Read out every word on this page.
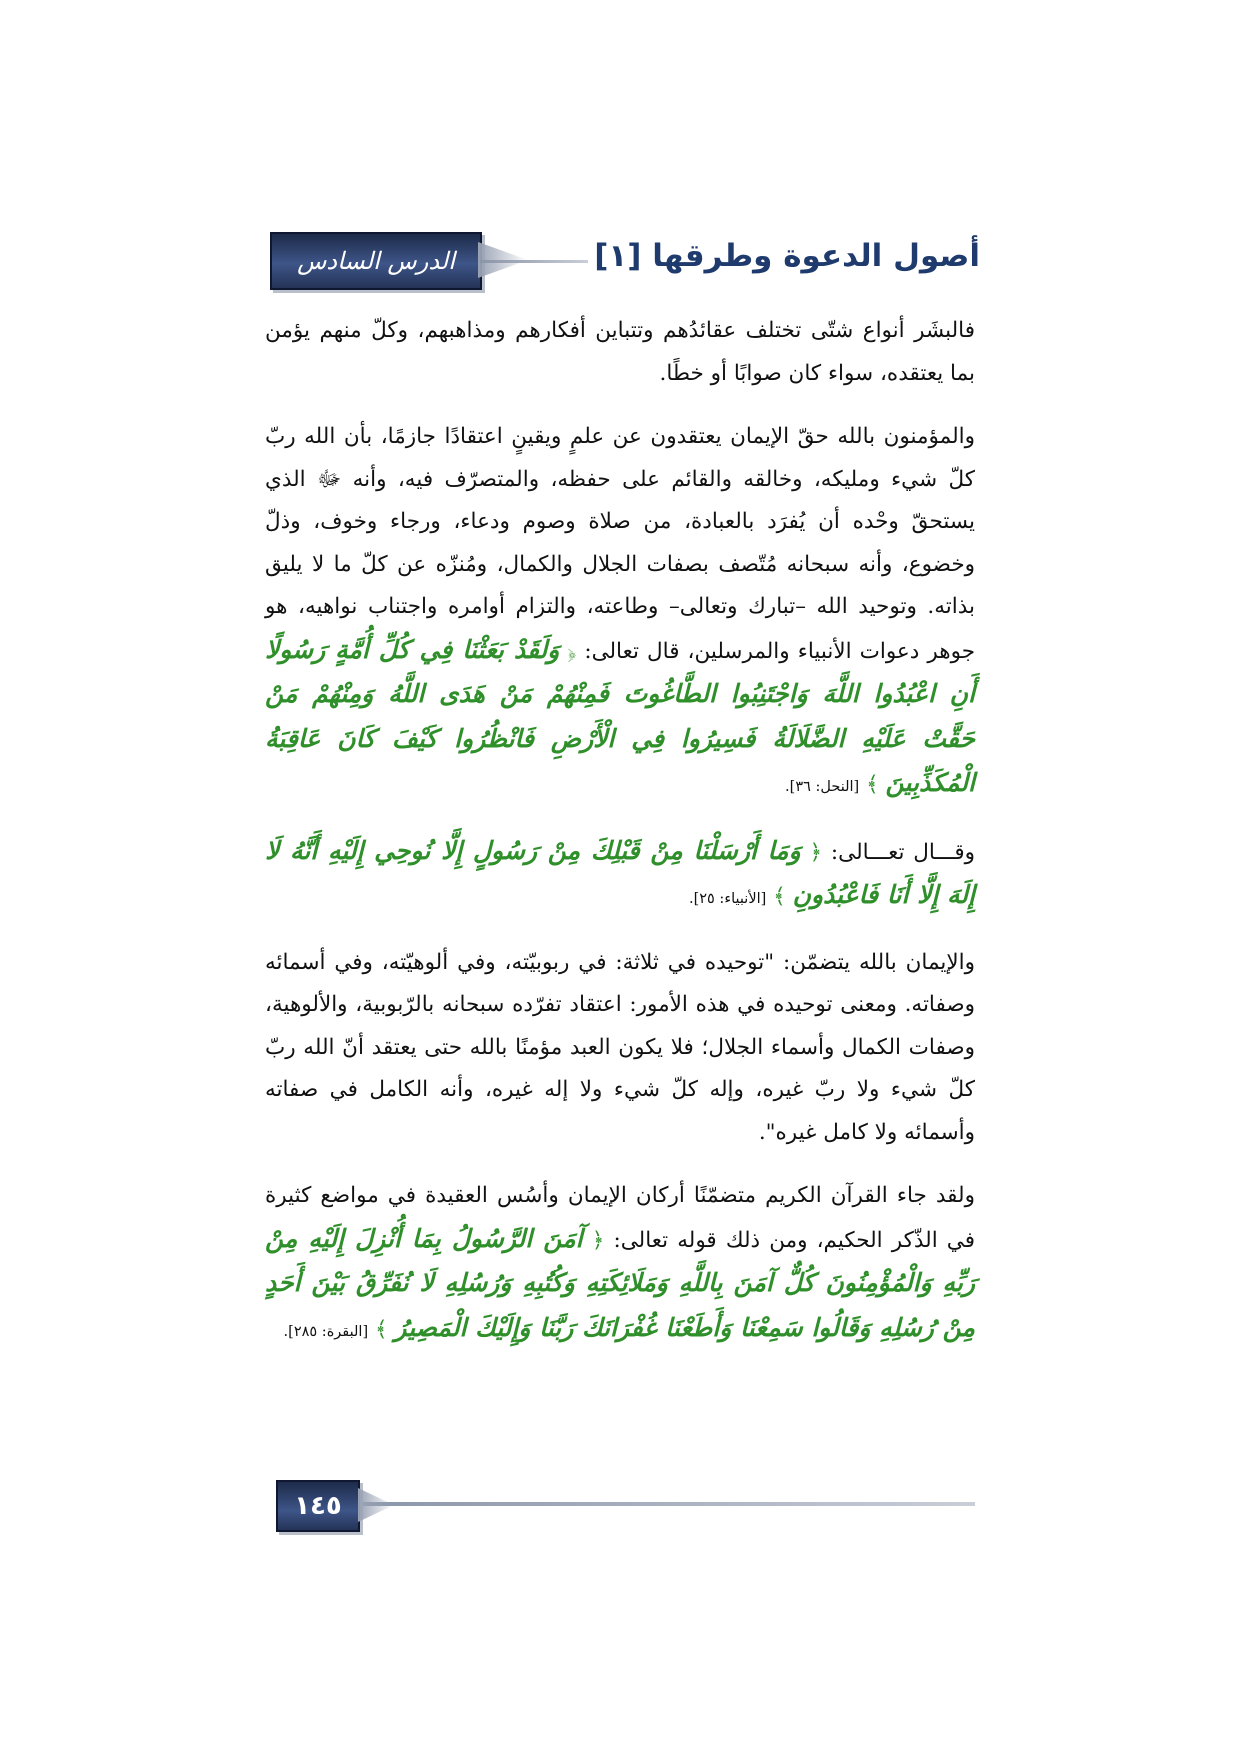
الدرس السادس	أصول الدعوة وطرقها [١]

فالبشَر أنواع شتّى تختلف عقائدُهم وتتباين أفكارهم ومذاهبهم، وكلّ منهم يؤمن بما يعتقده، سواء كان صوابًا أو خطًا.

والمؤمنون بالله حقّ الإيمان يعتقدون عن علمٍ ويقينٍ اعتقادًا جازمًا، بأن الله ربّ كلّ شيء ومليكه، وخالقه والقائم على حفظه، والمتصرّف فيه، وأنه ﷻ الذي يستحقّ وحْده أن يُفرَد بالعبادة، من صلاة وصوم ودعاء، ورجاء وخوف، وذلّ وخضوع، وأنه سبحانه مُتّصف بصفات الجلال والكمال، ومُنزّه عن كلّ ما لا يليق بذاته. وتوحيد الله –تبارك وتعالى– وطاعته، والتزام أوامره واجتناب نواهيه، هو جوهر دعوات الأنبياء والمرسلين، قال تعالى: ﴿ وَلَقَدْ بَعَثْنَا فِي كُلِّ أُمَّةٍ رَسُولًا أَنِ اعْبُدُوا اللَّهَ وَاجْتَنِبُوا الطَّاغُوتَ فَمِنْهُمْ مَنْ هَدَى اللَّهُ وَمِنْهُمْ مَنْ حَقَّتْ عَلَيْهِ الضَّلَالَةُ فَسِيرُوا فِي الْأَرْضِ فَانْظُرُوا كَيْفَ كَانَ عَاقِبَةُ الْمُكَذِّبِينَ ﴾ [النحل: ٣٦].

وقـــال تعـــالى: ﴿ وَمَا أَرْسَلْنَا مِنْ قَبْلِكَ مِنْ رَسُولٍ إِلَّا نُوحِي إِلَيْهِ أَنَّهُ لَا إِلَهَ إِلَّا أَنَا فَاعْبُدُونِ ﴾ [الأنبياء: ٢٥].

والإيمان بالله يتضمّن: "توحيده في ثلاثة: في ربوبيّته، وفي ألوهيّته، وفي أسمائه وصفاته. ومعنى توحيده في هذه الأمور: اعتقاد تفرّده سبحانه بالرّبوبية، والألوهية، وصفات الكمال وأسماء الجلال؛ فلا يكون العبد مؤمنًا بالله حتى يعتقد أنّ الله ربّ كلّ شيء ولا ربّ غيره، وإله كلّ شيء ولا إله غيره، وأنه الكامل في صفاته وأسمائه ولا كامل غيره".

ولقد جاء القرآن الكريم متضمّنًا أركان الإيمان وأسُس العقيدة في مواضع كثيرة في الذّكر الحكيم، ومن ذلك قوله تعالى: ﴿ آمَنَ الرَّسُولُ بِمَا أُنْزِلَ إِلَيْهِ مِنْ رَبِّهِ وَالْمُؤْمِنُونَ كُلٌّ آمَنَ بِاللَّهِ وَمَلَائِكَتِهِ وَكُتُبِهِ وَرُسُلِهِ لَا نُفَرِّقُ بَيْنَ أَحَدٍ مِنْ رُسُلِهِ وَقَالُوا سَمِعْنَا وَأَطَعْنَا غُفْرَانَكَ رَبَّنَا وَإِلَيْكَ الْمَصِيرُ ﴾ [البقرة: ٢٨٥].

١٤٥
